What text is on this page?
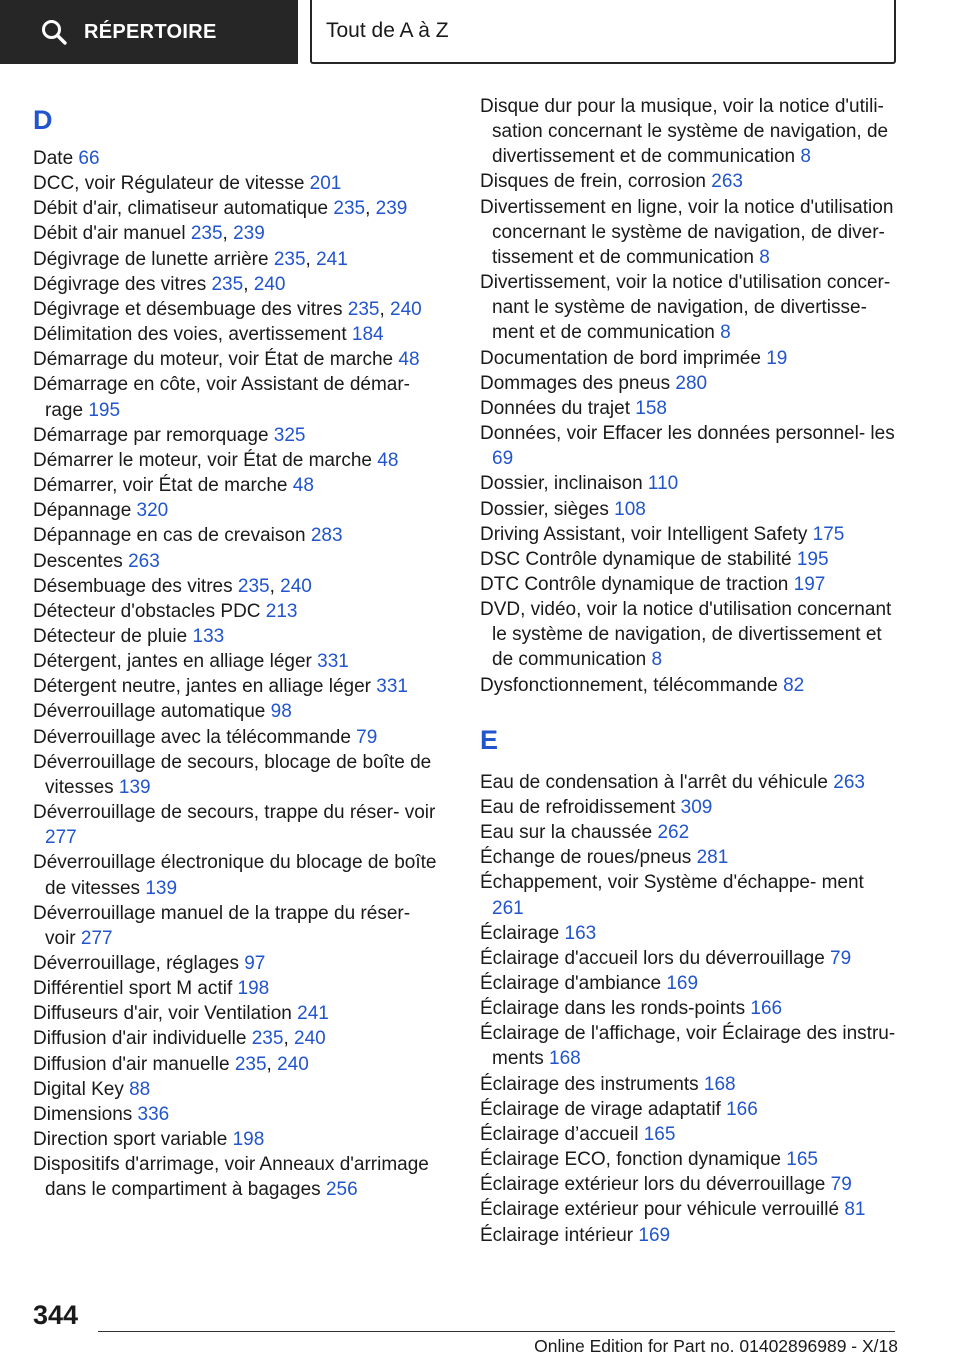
RÉPERTOIRE	Tout de A à Z
D
Date 66
DCC, voir Régulateur de vitesse 201
Débit d'air, climatiseur automatique 235, 239
Débit d'air manuel 235, 239
Dégivrage de lunette arrière 235, 241
Dégivrage des vitres 235, 240
Dégivrage et désembuage des vitres 235, 240
Délimitation des voies, avertissement 184
Démarrage du moteur, voir État de marche 48
Démarrage en côte, voir Assistant de démar‐ rage 195
Démarrage par remorquage 325
Démarrer le moteur, voir État de marche 48
Démarrer, voir État de marche 48
Dépannage 320
Dépannage en cas de crevaison 283
Descentes 263
Désembuage des vitres 235, 240
Détecteur d'obstacles PDC 213
Détecteur de pluie 133
Détergent, jantes en alliage léger 331
Détergent neutre, jantes en alliage léger 331
Déverrouillage automatique 98
Déverrouillage avec la télécommande 79
Déverrouillage de secours, blocage de boîte de vitesses 139
Déverrouillage de secours, trappe du réser‐ voir 277
Déverrouillage électronique du blocage de boîte de vitesses 139
Déverrouillage manuel de la trappe du réser‐ voir 277
Déverrouillage, réglages 97
Différentiel sport M actif 198
Diffuseurs d'air, voir Ventilation 241
Diffusion d'air individuelle 235, 240
Diffusion d'air manuelle 235, 240
Digital Key 88
Dimensions 336
Direction sport variable 198
Dispositifs d'arrimage, voir Anneaux d'arrimage dans le compartiment à bagages 256
Disque dur pour la musique, voir la notice d'utili‐ sation concernant le système de navigation, de divertissement et de communication 8
Disques de frein, corrosion 263
Divertissement en ligne, voir la notice d'utilisation concernant le système de navigation, de diver‐ tissement et de communication 8
Divertissement, voir la notice d'utilisation concer‐ nant le système de navigation, de divertisse‐ ment et de communication 8
Documentation de bord imprimée 19
Dommages des pneus 280
Données du trajet 158
Données, voir Effacer les données personnel‐ les 69
Dossier, inclinaison 110
Dossier, sièges 108
Driving Assistant, voir Intelligent Safety 175
DSC Contrôle dynamique de stabilité 195
DTC Contrôle dynamique de traction 197
DVD, vidéo, voir la notice d'utilisation concernant le système de navigation, de divertissement et de communication 8
Dysfonctionnement, télécommande 82
E
Eau de condensation à l'arrêt du véhicule 263
Eau de refroidissement 309
Eau sur la chaussée 262
Échange de roues/pneus 281
Échappement, voir Système d'échappe‐ ment 261
Éclairage 163
Éclairage d'accueil lors du déverrouillage 79
Éclairage d'ambiance 169
Éclairage dans les ronds-points 166
Éclairage de l'affichage, voir Éclairage des instru‐ ments 168
Éclairage des instruments 168
Éclairage de virage adaptatif 166
Éclairage d’accueil 165
Éclairage ECO, fonction dynamique 165
Éclairage extérieur lors du déverrouillage 79
Éclairage extérieur pour véhicule verrouillé 81
Éclairage intérieur 169
344
Online Edition for Part no. 01402896989 - X/18
